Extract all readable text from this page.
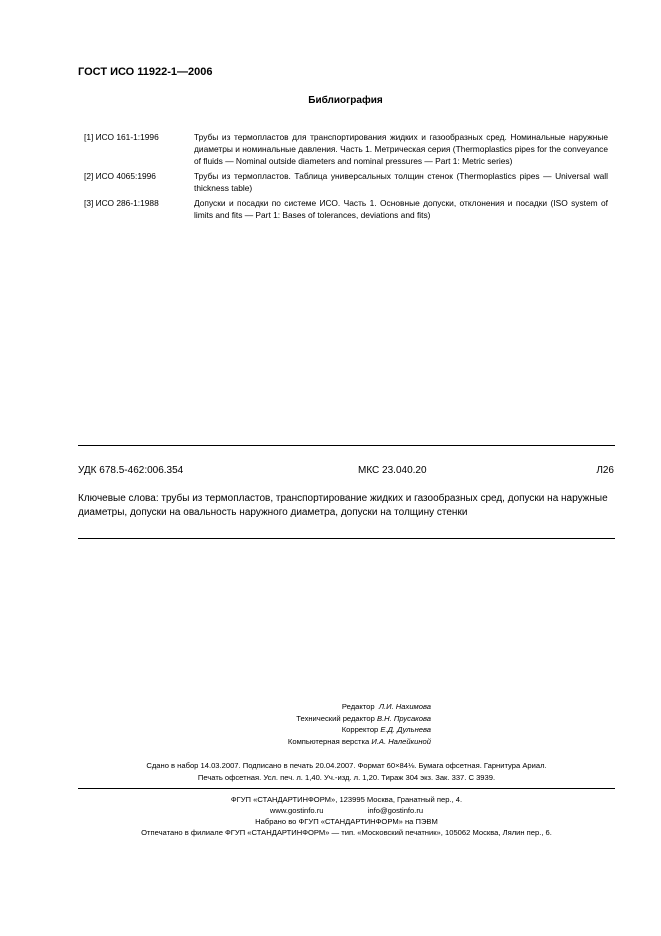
ГОСТ ИСО 11922-1—2006
Библиография
[1] ИСО 161-1:1996	Трубы из термопластов для транспортирования жидких и газообразных сред. Номинальные наружные диаметры и номинальные давления. Часть 1. Метрическая серия (Thermoplastics pipes for the conveyance of fluids — Nominal outside diameters and nominal pressures — Part 1: Metric series)
[2] ИСО 4065:1996	Трубы из термопластов. Таблица универсальных толщин стенок (Thermoplastics pipes — Universal wall thickness table)
[3] ИСО 286-1:1988	Допуски и посадки по системе ИСО. Часть 1. Основные допуски, отклонения и посадки (ISO system of limits and fits — Part 1: Bases of tolerances, deviations and fits)
УДК 678.5-462:006.354	МКС 23.040.20	Л26
Ключевые слова: трубы из термопластов, транспортирование жидких и газообразных сред, допуски на наружные диаметры, допуски на овальность наружного диаметра, допуски на толщину стенки
Редактор Л.И. Нахимова
Технический редактор В.Н. Прусакова
Корректор Е.Д. Дульнева
Компьютерная верстка И.А. Налейкиной
Сдано в набор 14.03.2007. Подписано в печать 20.04.2007. Формат 60×84⅛. Бумага офсетная. Гарнитура Ариал.
Печать офсетная. Усл. печ. л. 1,40. Уч.-изд. л. 1,20. Тираж 304 экз. Зак. 337. С 3939.
ФГУП «СТАНДАРТИНФОРМ», 123995 Москва, Гранатный пер., 4.
www.gostinfo.ru	info@gostinfo.ru
Набрано во ФГУП «СТАНДАРТИНФОРМ» на ПЭВМ
Отпечатано в филиале ФГУП «СТАНДАРТИНФОРМ» — тип. «Московский печатник», 105062 Москва, Лялин пер., 6.
